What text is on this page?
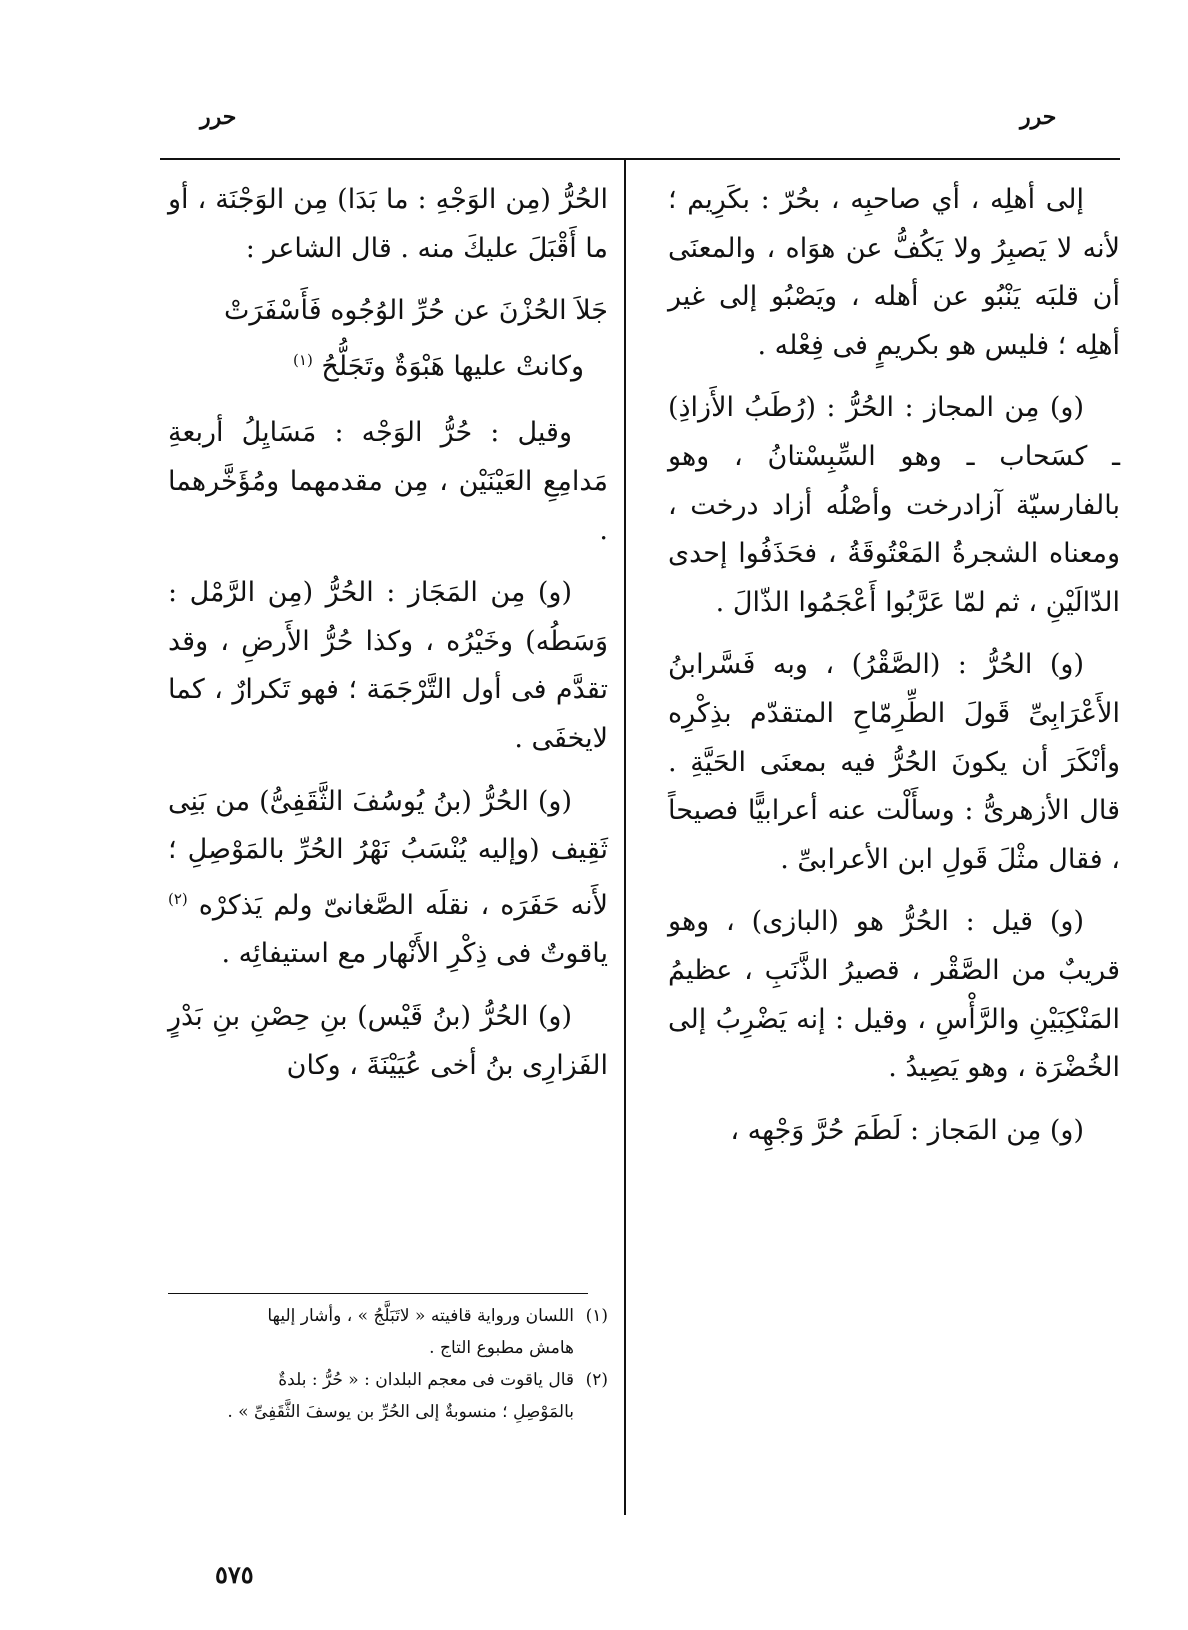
حرر	حرر

إلى أهلِه ، أي صاحبِه ، بحُرّ : بكَرِيم ؛ لأنه لا يَصبِرُ ولا يَكُفُّ عن هوَاه ، والمعنَى أن قلبَه يَنْبُو عن أهله ، ويَصْبُو إلى غير أهلِه ؛ فليس هو بكريمٍ فى فِعْله .

(و) مِن المجاز : الحُرُّ : (رُطَبُ الأَزاذِ) ـ كسَحاب ـ وهو السِّبِسْتانُ ، وهو بالفارسيّة آزادرخت وأصْلُه أزاد درخت ، ومعناه الشجرةُ المَعْتُوقَةُ ، فحَذَفُوا إحدى الدّالَيْنِ ، ثم لمّا عَرَّبُوا أَعْجَمُوا الذّالَ .

(و) الحُرُّ : (الصَّقْرُ) ، وبه فَسَّرابنُ الأَعْرَابِىِّ قَولَ الطِّرِمّاحِ المتقدّم بذِكْرِه وأنْكَرَ أن يكونَ الحُرُّ فيه بمعنَى الحَيَّةِ . قال الأزهرىُّ : وسأَلْت عنه أعرابيًّا فصيحاً ، فقال مثْلَ قَولِ ابن الأعرابىِّ .

(و) قيل : الحُرُّ هو (البازى) ، وهو قريبٌ من الصَّقْر ، قصيرُ الذَّنَبِ ، عظيمُ المَنْكِبَيْنِ والرَّأْسِ ، وقيل : إنه يَضْرِبُ إلى الخُضْرَة ، وهو يَصِيدُ .

(و) مِن المَجاز : لَطَمَ حُرَّ وَجْهِه ،

الحُرُّ (مِن الوَجْهِ : ما بَدَا) مِن الوَجْنَة ، أو ما أَقْبَلَ عليكَ منه . قال الشاعر :

جَلاَ الحُزْنَ عن حُرِّ الوُجُوه فَأَسْفَرَتْ
وكانتْ عليها هَبْوَةٌ وتَجَلُّحُ $^{(١)}$

وقيل : حُرُّ الوَجْه : مَسَايِلُ أربعةِ مَدامِعِ العَيْنَيْن ، مِن مقدمهما ومُؤَخَّرهما .

(و) مِن المَجَاز : الحُرُّ (مِن الرَّمْل : وَسَطُه) وخَيْرُه ، وكذا حُرُّ الأَرضِ ، وقد تقدَّم فى أول التَّرْجَمَة ؛ فهو تَكرارٌ ، كما لايخفَى .

(و) الحُرُّ (بنُ يُوسُفَ الثَّقَفِىُّ) من بَنِى ثَقِيف (وإليه يُنْسَبُ نَهْرُ الحُرِّ بالمَوْصِلِ ؛ لأَنه حَفَرَه ، نقلَه الصَّغانىّ ولم يَذكرْه $^{(٢)}$ ياقوتٌ فى ذِكْرِ الأَنْهار مع استيفائِه .

(و) الحُرُّ (بنُ قَيْس) بنِ حِصْنِ بنِ بَدْرٍ الفَزارِى بنُ أخى عُيَيْنَةَ ، وكان

(١)اللسان ورواية قافيته « لاتَبَلَّجُ » ، وأشار إليها
هامش مطبوع التاج .

(٢)قال ياقوت فى معجم البلدان : « حُرُّ : بلدةٌ
بالمَوْصِلِ ؛ منسوبةٌ إلى الحُرِّ بن يوسفَ الثَّقَفِىِّ » .

٥٧٥
